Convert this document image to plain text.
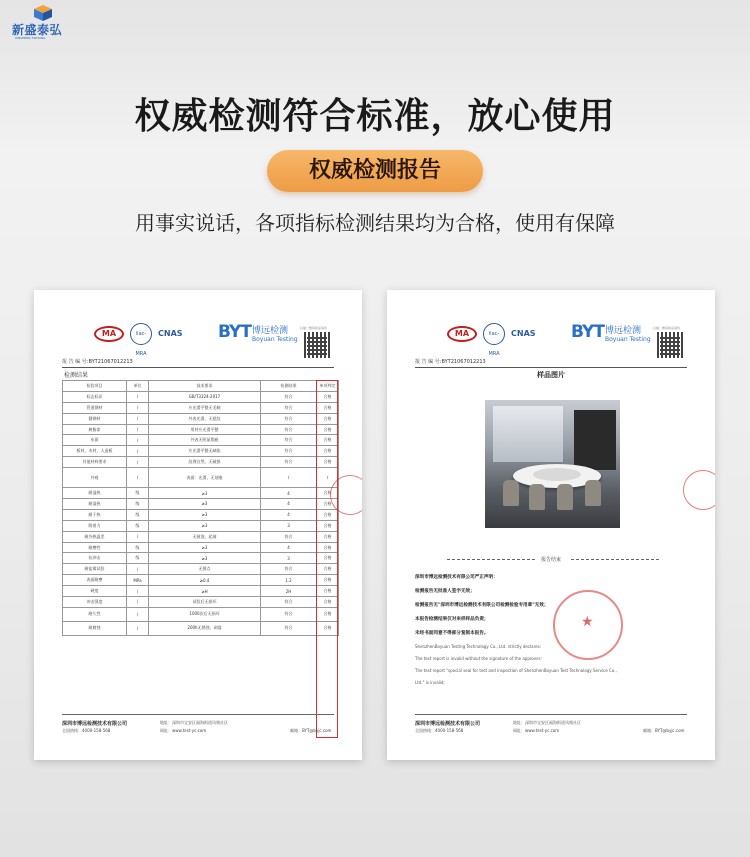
新盛泰弘
XINSHENG TAIHONG
权威检测符合标准，放心使用
权威检测报告
用事实说话，各项指标检测结果均为合格，使用有保障
MA	ilac-MRA
CNAS	BYT 博远检测
Boyuan Testing
扫描二维码验证真伪
报 告 编 号:BYT21067012213
检测结果
检验项目	单位	技术要求	检测结果	单项判定
标志标识	/	GB/T3324-2017	符合	合格
管道钢材	/	应光滑平整无毛刺	符合	合格
圆钢材	/	外表光滑、无裂纹	符合	合格
树脂漆	/	用材应光滑平整	符合	合格
布面	/	外表无明显瑕疵	符合	合格
板材、木材、人造板	/	应光滑平整无缺陷	符合	合格
其他材料要求	/	纹理自然、无破损	符合	合格
外观	/	表面：光滑、无划痕	/	/
耐湿热	级	≥3	4	合格
耐湿热	级	≥3	4	合格
耐干热	级	≥3	4	合格
附着力	级	≥3	3	合格
耐冷热温差	/	无鼓泡、起皱	符合	合格
耐磨性	级	≥3	4	合格
抗冲击	级	≥3	3	合格
耐盐雾试验	/	无锈点	符合	合格
表面耐磨	MPa	≥0.4	1.2	合格
硬度	/	≥H	2H	合格
冲击强度	/	试验后无损坏	符合	合格
耐久性	/	1000次后无损坏	符合	合格
耐腐蚀	/	200h无锈蚀、剥落	符合	合格
深圳市博远检测技术有限公司
全国热线：4000-158-568
地址：深圳市宝安区福海街道凤凰社区
网址：www.test-yc.com	邮箱：BYT@byjc.com
MA	ilac-MRA
CNAS	BYT 博远检测
Boyuan Testing
扫描二维码验证真伪
报 告 编 号:BYT21067012213
样品图片
报告结束
深圳市博远检测技术有限公司严正声明：
检测报告无批准人签字无效；
检测报告无"深圳市博远检测技术有限公司检测检验专用章"无效；
本报告检测结果仅对来样样品负责；
未经书面同意不得部分复制本报告。
ShenzhenBoyuan Testing Technology Co., Ltd. strictly declares:
The test report is invalid without the signature of the approver;
The test report "special seal for test and inspection of ShenzhenBoyuan Test Technology Service Co.,
Ltd." is invalid;
★
深圳市博远检测技术有限公司
全国热线：4000-158-568
地址：深圳市宝安区福海街道凤凰社区
网址：www.test-yc.com	邮箱：BYT@byjc.com
